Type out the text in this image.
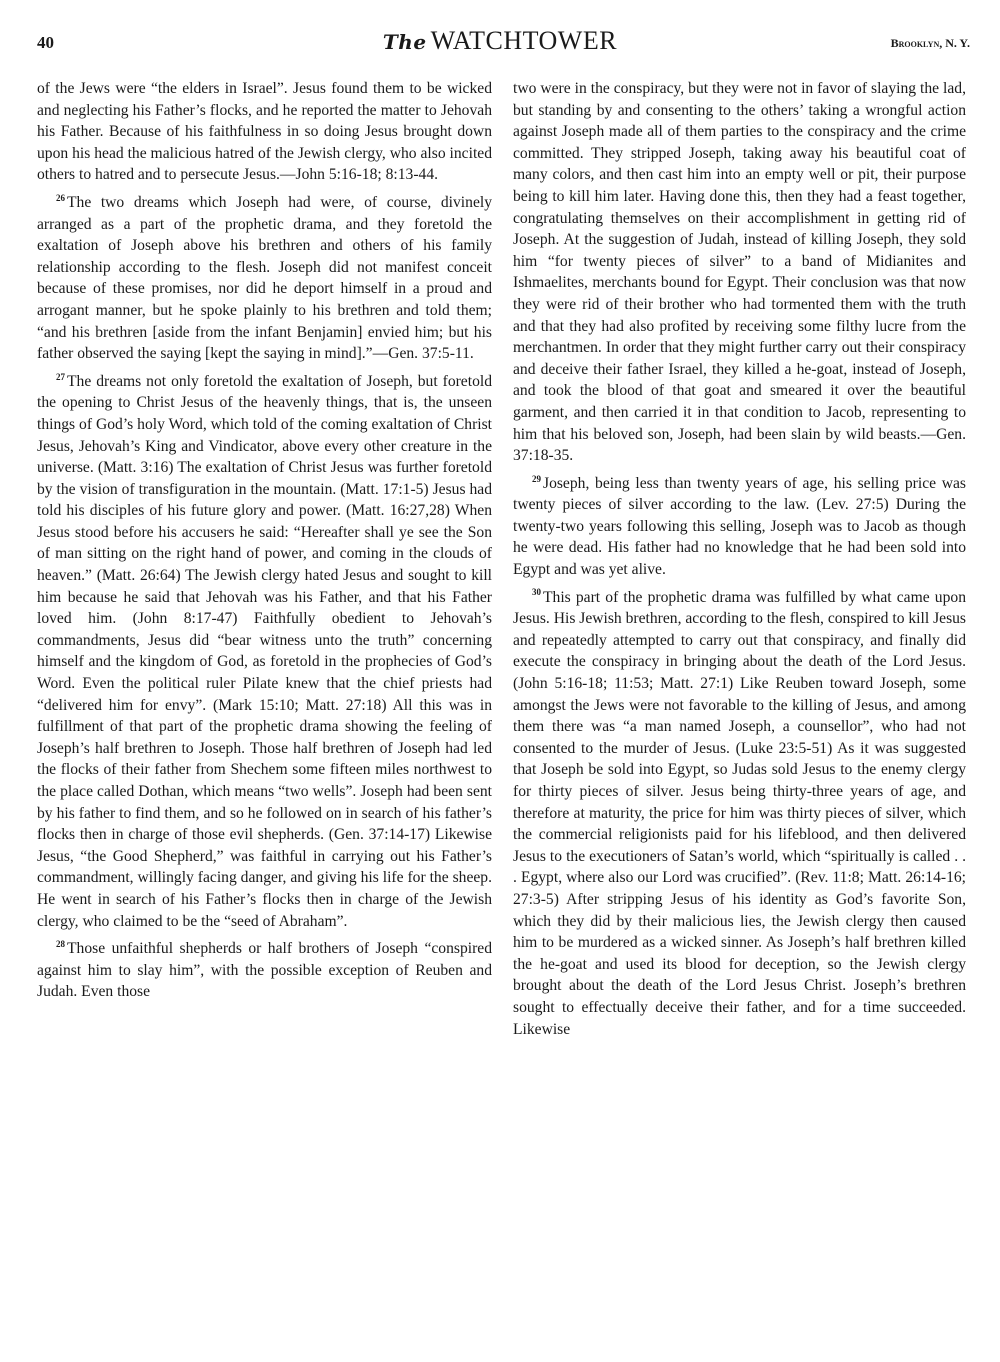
40	The WATCHTOWER	Brooklyn, N. Y.

of the Jews were “the elders in Israel”. Jesus found them to be wicked and neglecting his Father’s flocks, and he reported the matter to Jehovah his Father. Because of his faithfulness in so doing Jesus brought down upon his head the malicious hatred of the Jewish clergy, who also incited others to hatred and to persecute Jesus.—John 5:16-18; 8:13-44.

$^{26}$ The two dreams which Joseph had were, of course, divinely arranged as a part of the prophetic drama, and they foretold the exaltation of Joseph above his brethren and others of his family relationship according to the flesh. Joseph did not manifest conceit because of these promises, nor did he deport himself in a proud and arrogant manner, but he spoke plainly to his brethren and told them; “and his brethren [aside from the infant Benjamin] envied him; but his father observed the saying [kept the saying in mind].”—Gen. 37:5-11.

$^{27}$ The dreams not only foretold the exaltation of Joseph, but foretold the opening to Christ Jesus of the heavenly things, that is, the unseen things of God’s holy Word, which told of the coming exaltation of Christ Jesus, Jehovah’s King and Vindicator, above every other creature in the universe. (Matt. 3:16) The exaltation of Christ Jesus was further foretold by the vision of transfiguration in the mountain. (Matt. 17:1-5) Jesus had told his disciples of his future glory and power. (Matt. 16:27,28) When Jesus stood before his accusers he said: “Hereafter shall ye see the Son of man sitting on the right hand of power, and coming in the clouds of heaven.” (Matt. 26:64) The Jewish clergy hated Jesus and sought to kill him because he said that Jehovah was his Father, and that his Father loved him. (John 8:17-47) Faithfully obedient to Jehovah’s commandments, Jesus did “bear witness unto the truth” concerning himself and the kingdom of God, as foretold in the prophecies of God’s Word. Even the political ruler Pilate knew that the chief priests had “delivered him for envy”. (Mark 15:10; Matt. 27:18) All this was in fulfillment of that part of the prophetic drama showing the feeling of Joseph’s half brethren to Joseph. Those half brethren of Joseph had led the flocks of their father from Shechem some fifteen miles northwest to the place called Dothan, which means “two wells”. Joseph had been sent by his father to find them, and so he followed on in search of his father’s flocks then in charge of those evil shepherds. (Gen. 37:14-17) Likewise Jesus, “the Good Shepherd,” was faithful in carrying out his Father’s commandment, willingly facing danger, and giving his life for the sheep. He went in search of his Father’s flocks then in charge of the Jewish clergy, who claimed to be the “seed of Abraham”.

$^{28}$ Those unfaithful shepherds or half brothers of Joseph “conspired against him to slay him”, with the possible exception of Reuben and Judah. Even those

two were in the conspiracy, but they were not in favor of slaying the lad, but standing by and consenting to the others’ taking a wrongful action against Joseph made all of them parties to the conspiracy and the crime committed. They stripped Joseph, taking away his beautiful coat of many colors, and then cast him into an empty well or pit, their purpose being to kill him later. Having done this, then they had a feast together, congratulating themselves on their accomplishment in getting rid of Joseph. At the suggestion of Judah, instead of killing Joseph, they sold him “for twenty pieces of silver” to a band of Midianites and Ishmaelites, merchants bound for Egypt. Their conclusion was that now they were rid of their brother who had tormented them with the truth and that they had also profited by receiving some filthy lucre from the merchantmen. In order that they might further carry out their conspiracy and deceive their father Israel, they killed a he-goat, instead of Joseph, and took the blood of that goat and smeared it over the beautiful garment, and then carried it in that condition to Jacob, representing to him that his beloved son, Joseph, had been slain by wild beasts.—Gen. 37:18-35.

$^{29}$ Joseph, being less than twenty years of age, his selling price was twenty pieces of silver according to the law. (Lev. 27:5) During the twenty-two years following this selling, Joseph was to Jacob as though he were dead. His father had no knowledge that he had been sold into Egypt and was yet alive.

$^{30}$ This part of the prophetic drama was fulfilled by what came upon Jesus. His Jewish brethren, according to the flesh, conspired to kill Jesus and repeatedly attempted to carry out that conspiracy, and finally did execute the conspiracy in bringing about the death of the Lord Jesus. (John 5:16-18; 11:53; Matt. 27:1) Like Reuben toward Joseph, some amongst the Jews were not favorable to the killing of Jesus, and among them there was “a man named Joseph, a counsellor”, who had not consented to the murder of Jesus. (Luke 23:5-51) As it was suggested that Joseph be sold into Egypt, so Judas sold Jesus to the enemy clergy for thirty pieces of silver. Jesus being thirty-three years of age, and therefore at maturity, the price for him was thirty pieces of silver, which the commercial religionists paid for his lifeblood, and then delivered Jesus to the executioners of Satan’s world, which “spiritually is called . . . Egypt, where also our Lord was crucified”. (Rev. 11:8; Matt. 26:14-16; 27:3-5) After stripping Jesus of his identity as God’s favorite Son, which they did by their malicious lies, the Jewish clergy then caused him to be murdered as a wicked sinner. As Joseph’s half brethren killed the he-goat and used its blood for deception, so the Jewish clergy brought about the death of the Lord Jesus Christ. Joseph’s brethren sought to effectually deceive their father, and for a time succeeded. Likewise
